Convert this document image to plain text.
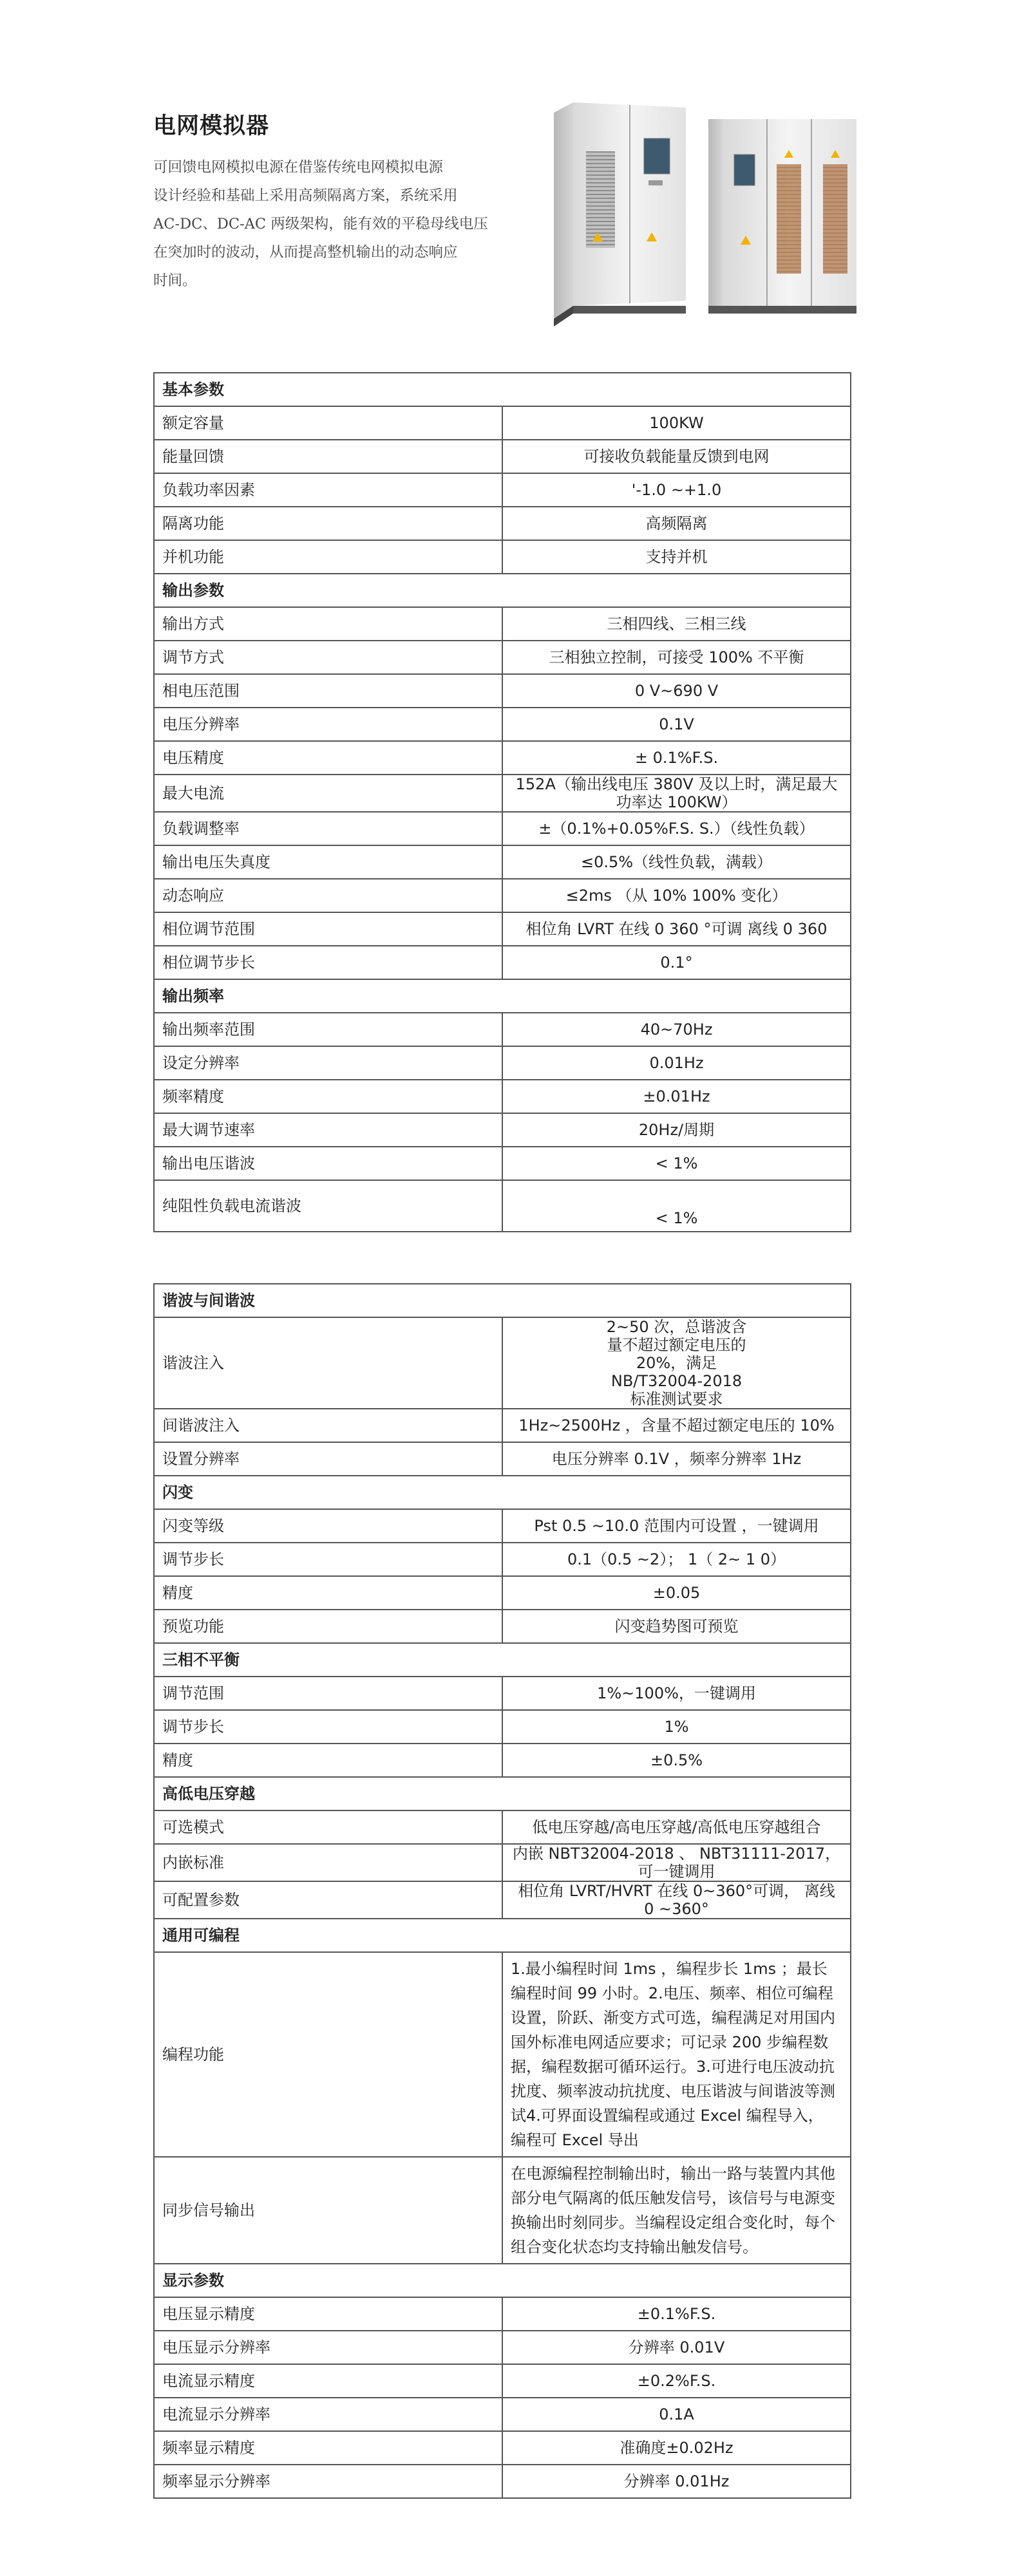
电网模拟器
可回馈电网模拟电源在借鉴传统电网模拟电源
设计经验和基础上采用高频隔离方案，系统采用
AC-DC、DC-AC 两级架构，能有效的平稳母线电压
在突加时的波动，从而提高整机输出的动态响应
时间。
基本参数	
额定容量	100KW
能量回馈	可接收负载能量反馈到电网
负载功率因素	'-1.0 ~+1.0
隔离功能	高频隔离
并机功能	支持并机
输出参数	
输出方式	三相四线、三相三线
调节方式	三相独立控制，可接受 100% 不平衡
相电压范围	0 V~690 V
电压分辨率	0.1V
电压精度	± 0.1%F.S.
最大电流	152A（输出线电压 380V 及以上时，满足最大功率达 100KW）
负载调整率	±（0.1%+0.05%F.S. S.）（线性负载）
输出电压失真度	≤0.5%（线性负载，满载）
动态响应	≤2ms （从 10% 100% 变化）
相位调节范围	相位角 LVRT 在线 0 360 °可调 离线 0 360
相位调节步长	0.1°
输出频率	
输出频率范围	40~70Hz
设定分辨率	0.01Hz
频率精度	±0.01Hz
最大调节速率	20Hz/周期
输出电压谐波	< 1%
纯阻性负载电流谐波	< 1%
谐波与间谐波	
谐波注入	2~50 次，总谐波含量不超过额定电压的 20%，满足 NB/T32004-2018 标准测试要求
间谐波注入	1Hz~2500Hz ，含量不超过额定电压的 10%
设置分辨率	电压分辨率 0.1V ，频率分辨率 1Hz
闪变	
闪变等级	Pst 0.5 ~10.0 范围内可设置 ，一键调用
调节步长	0.1（0.5 ~2）； 1（ 2~ 1 0）
精度	±0.05
预览功能	闪变趋势图可预览
三相不平衡	
调节范围	1%~100%，一键调用
调节步长	1%
精度	±0.5%
高低电压穿越	
可选模式	低电压穿越/高电压穿越/高低电压穿越组合
内嵌标准	内嵌 NBT32004-2018 、 NBT31111-2017，可一键调用
可配置参数	相位角 LVRT/HVRT 在线 0~360°可调， 离线 0 ~360°
通用可编程	
编程功能	1.最小编程时间 1ms ，编程步长 1ms ；最长编程时间 99 小时。2.电压、频率、相位可编程设置，阶跃、渐变方式可选，编程满足对用国内国外标准电网适应要求；可记录 200 步编程数据，编程数据可循环运行。3.可进行电压波动抗扰度、频率波动抗扰度、电压谐波与间谐波等测试4.可界面设置编程或通过 Excel 编程导入， 编程可 Excel 导出
同步信号输出	在电源编程控制输出时，输出一路与装置内其他部分电气隔离的低压触发信号，该信号与电源变换输出时刻同步。当编程设定组合变化时，每个组合变化状态均支持输出触发信号。
显示参数	
电压显示精度	±0.1%F.S.
电压显示分辨率	分辨率 0.01V
电流显示精度	±0.2%F.S.
电流显示分辨率	0.1A
频率显示精度	准确度±0.02Hz
频率显示分辨率	分辨率 0.01Hz
